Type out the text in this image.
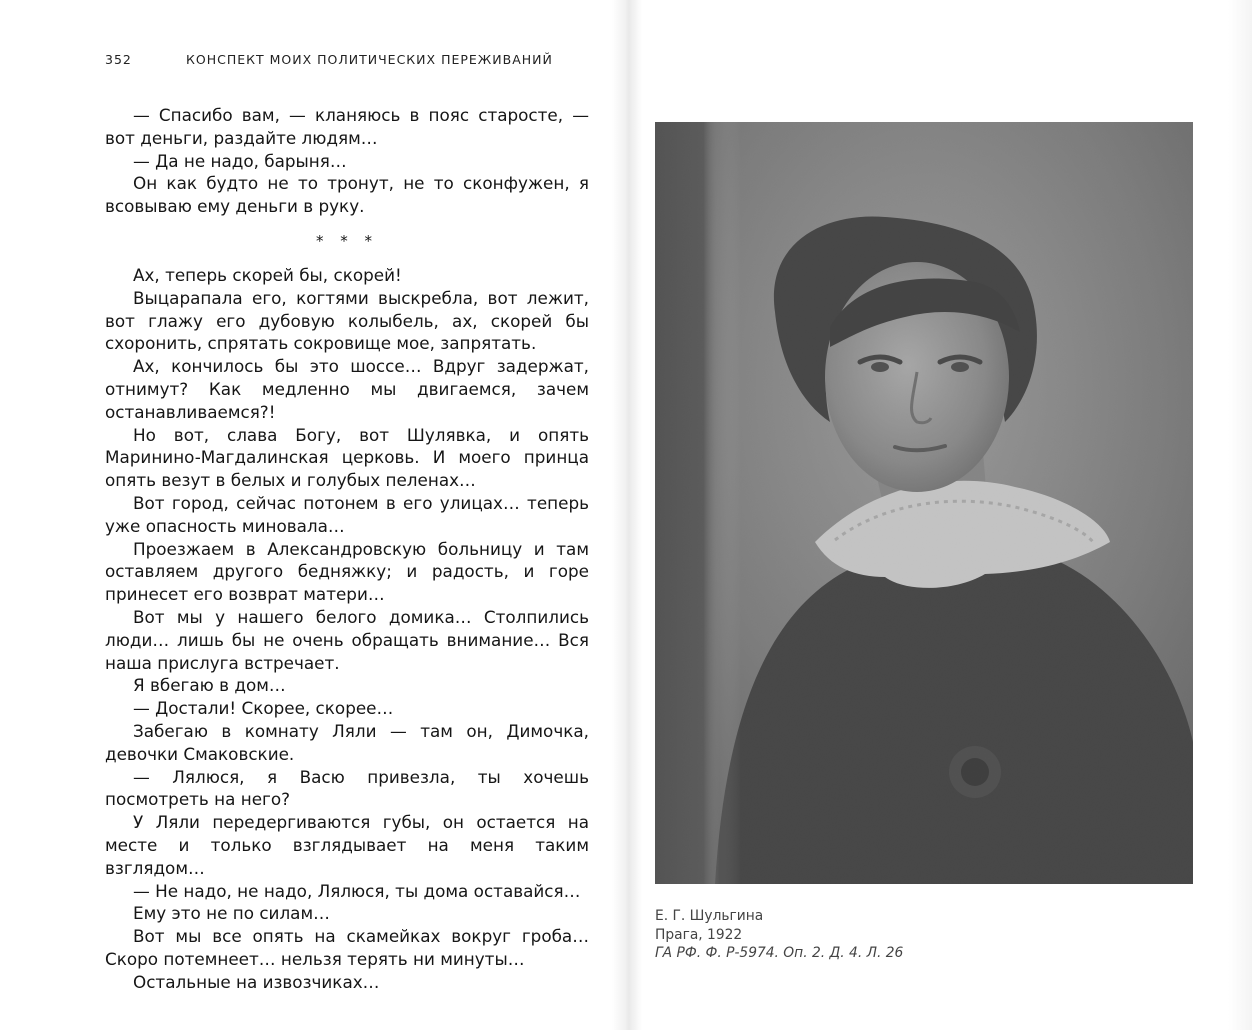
352	КОНСПЕКТ МОИХ ПОЛИТИЧЕСКИХ ПЕРЕЖИВАНИЙ

— Спасибо вам, — кланяюсь в пояс старосте, — вот деньги, раздайте людям…

— Да не надо, барыня…

Он как будто не то тронут, не то сконфужен, я всовываю ему деньги в руку.

* * *

Ах, теперь скорей бы, скорей!

Выцарапала его, когтями выскребла, вот лежит, вот глажу его дубовую колыбель, ах, скорей бы схоронить, спрятать сокровище мое, запрятать.

Ах, кончилось бы это шоссе… Вдруг задержат, отнимут? Как медленно мы двигаемся, зачем останавливаемся?!

Но вот, слава Богу, вот Шулявка, и опять Марининo-Магдалинская церковь. И моего принца опять везут в белых и голубых пеленах…

Вот город, сейчас потонем в его улицах… теперь уже опасность миновала…

Проезжаем в Александровскую больницу и там оставляем другого бедняжку; и радость, и горе принесет его возврат матери…

Вот мы у нашего белого домика… Столпились люди… лишь бы не очень обращать внимание… Вся наша прислуга встречает.

Я вбегаю в дом…

— Достали! Скорее, скорее…

Забегаю в комнату Ляли — там он, Димочка, девочки Смаковские.

— Лялюся, я Васю привезла, ты хочешь посмотреть на него?

У Ляли передергиваются губы, он остается на месте и только взглядывает на меня таким взглядом…

— Не надо, не надо, Лялюся, ты дома оставайся…

Ему это не по силам…

Вот мы все опять на скамейках вокруг гроба… Скоро потемнеет… нельзя терять ни минуты…

Остальные на извозчиках…

Е. Г. Шульгина
Прага, 1922
ГА РФ. Ф. Р-5974. Оп. 2. Д. 4. Л. 26
